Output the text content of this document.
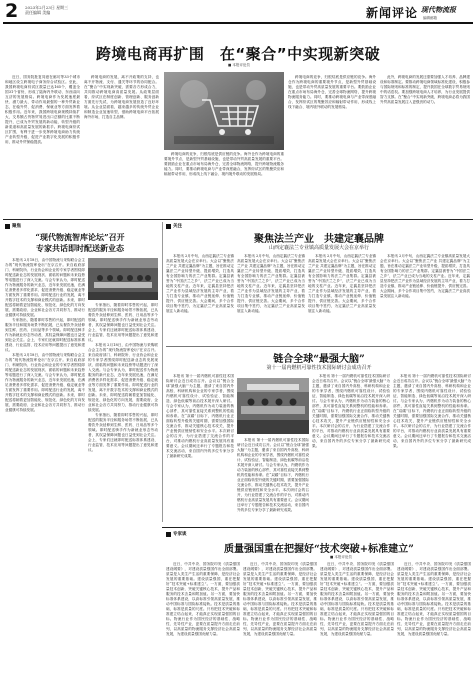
2 2023年2月23日 星期三
责任编辑 美编	新闻评论 现代物流报
编辑邮箱
跨境电商再扩围　在“聚合”中实现新突破
■ 本报评论员

近日，国务院批复同意在廊坊等33个城市和地区设立跨境电子商务综合试验区。至此，我国跨境电商综试区数量已达165个，覆盖全国31个省份，形成了陆海内外联动、东西双向互济的发展格局。跨境电商作为发展速度最快、潜力最大、带动作用最强的一种外贸新业态，在稳外贸、促消费、保就业等方面发挥着积极作用。近年来，我国跨境电商规模持续扩大，交易额占货物贸易进出口总额的比重不断提升，已成为外贸发展的新动能、转型升级的新渠道和高质量发展的新抓手。跨境电商综试区扩围，有利于进一步发挥跨境电商助力传统产业转型升级、促进产业数字化发展的积极作用，推动外贸保稳提质。

跨境电商的发展，离不开政策的支持，也离不开物流、支付、通关等环节的协同配合。在“聚合”中实现新突破，需要各方形成合力，共同推动跨境电商高质量发展。从政策层面看，综试区在制度创新、管理创新、服务创新方面先行先试，为跨境电商发展营造了良好环境。从企业层面看，越来越多的传统外贸企业和制造企业加速转型，借助跨境电商平台拓展海外市场，打造自主品牌。

跨境电商的竞争，归根结底是供应链的竞争。海外仓作为跨境电商的重要境外节点，是新型外贸基础设施，也是带动外贸高质量发展的重要平台。要鼓励企业在重点市场布局海外仓，完善全球物流网络，提升跨境物流服务能力。同时，要推动跨境电商与产业带深度融合，发挥综试区的集聚效应和辐射带动作用，形成线上线下融合、境内境外联动的发展格局。

跨境电商的竞争，归根结底是供应链的竞争。海外仓作为跨境电商的重要境外节点，是新型外贸基础设施，也是带动外贸高质量发展的重要平台。要鼓励企业在重点市场布局海外仓，完善全球物流网络，提升跨境物流服务能力。同时，要推动跨境电商与产业带深度融合，发挥综试区的集聚效应和辐射带动作用，形成线上线下融合、境内境外联动的发展格局。

此外，跨境电商的发展还需要加强人才培养、品牌建设和标准制定。要推动跨境电商领域标准化建设，积极参与国际规则和标准的制定，提升我国在全球数字贸易规则中的话语权。要加强跨境电商人才培养，为行业发展提供智力支撑。在“聚合”中实现新突破，跨境电商必将为我国外贸高质量发展注入更强劲的动力。

聚焦
“现代物流智库论坛”召开
专家共话即时配送新业态

本报讯 2月18日，由中国物流与采购联合会主办的“现代物流智库论坛”在京召开。来自政府部门、科研院所、行业协会和企业的专家学者围绕即时配送新业态的发展现状、面临的问题和未来趋势等话题进行了深入交流。与会专家认为，即时配送作为物流服务的新兴业态，近年来发展迅速，在满足消费者多样化需求、促进消费升级、稳定就业等方面发挥了重要作用。即时配送行业的发展，离不开数字技术的支撑和商业模式的创新。未来，即时配送将朝着更加智能化、规范化、绿色化的方向发展，需要政府、企业和社会各方共同努力，推动行业健康可持续发展。

专家指出，随着即时零售的兴起，即时配送的服务半径和服务场景不断拓展，已从餐饮外卖延伸到生鲜、医药、日用品等多个领域。即时配送骑手作为新就业形态劳动者，其权益保障问题也日益受到社会关注。会上，专家们还就即时配送标准体系建设、行业监管、技术应用等问题提出了意见和建议。

本报讯 2月18日，由中国物流与采购联合会主办的“现代物流智库论坛”在京召开。来自政府部门、科研院所、行业协会和企业的专家学者围绕即时配送新业态的发展现状、面临的问题和未来趋势等话题进行了深入交流。与会专家认为，即时配送作为物流服务的新兴业态，近年来发展迅速，在满足消费者多样化需求、促进消费升级、稳定就业等方面发挥了重要作用。即时配送行业的发展，离不开数字技术的支撑和商业模式的创新。未来，即时配送将朝着更加智能化、规范化、绿色化的方向发展，需要政府、企业和社会各方共同努力，推动行业健康可持续发展。

专家指出，随着即时零售的兴起，即时配送的服务半径和服务场景不断拓展，已从餐饮外卖延伸到生鲜、医药、日用品等多个领域。即时配送骑手作为新就业形态劳动者，其权益保障问题也日益受到社会关注。会上，专家们还就即时配送标准体系建设、行业监管、技术应用等问题提出了意见和建议。

本报讯 2月18日，由中国物流与采购联合会主办的“现代物流智库论坛”在京召开。来自政府部门、科研院所、行业协会和企业的专家学者围绕即时配送新业态的发展现状、面临的问题和未来趋势等话题进行了深入交流。与会专家认为，即时配送作为物流服务的新兴业态，近年来发展迅速，在满足消费者多样化需求、促进消费升级、稳定就业等方面发挥了重要作用。即时配送行业的发展，离不开数字技术的支撑和商业模式的创新。未来，即时配送将朝着更加智能化、规范化、绿色化的方向发展，需要政府、企业和社会各方共同努力，推动行业健康可持续发展。

专家指出，随着即时零售的兴起，即时配送的服务半径和服务场景不断拓展，已从餐饮外卖延伸到生鲜、医药、日用品等多个领域。即时配送骑手作为新就业形态劳动者，其权益保障问题也日益受到社会关注。会上，专家们还就即时配送标准体系建设、行业监管、技术应用等问题提出了意见和建议。

关注
聚焦法兰产业　共建定襄品牌
山西定襄法兰专业镇高质量发展大会在京举行

本报讯 2月中旬，山西定襄法兰专业镇高质量发展大会在京举行。大会以“聚焦法兰产业 共建定襄品牌”为主题，旨在推动定襄法兰产业转型升级、提质增效，打造具有全国影响力的法兰产业集群。定襄县被誉为“中国法兰之乡”，法兰产业已成为当地的支柱产业。近年来，定襄县坚持把法兰产业作为县域经济发展的主导产业，着力打造专业镇，推动产业链延伸、价值链提升、供应链完善。大会期间，多个合作项目集中签约，为定襄法兰产业高质量发展注入新动能。

本报讯 2月中旬，山西定襄法兰专业镇高质量发展大会在京举行。大会以“聚焦法兰产业 共建定襄品牌”为主题，旨在推动定襄法兰产业转型升级、提质增效，打造具有全国影响力的法兰产业集群。定襄县被誉为“中国法兰之乡”，法兰产业已成为当地的支柱产业。近年来，定襄县坚持把法兰产业作为县域经济发展的主导产业，着力打造专业镇，推动产业链延伸、价值链提升、供应链完善。大会期间，多个合作项目集中签约，为定襄法兰产业高质量发展注入新动能。

本报讯 2月中旬，山西定襄法兰专业镇高质量发展大会在京举行。大会以“聚焦法兰产业 共建定襄品牌”为主题，旨在推动定襄法兰产业转型升级、提质增效，打造具有全国影响力的法兰产业集群。定襄县被誉为“中国法兰之乡”，法兰产业已成为当地的支柱产业。近年来，定襄县坚持把法兰产业作为县域经济发展的主导产业，着力打造专业镇，推动产业链延伸、价值链提升、供应链完善。大会期间，多个合作项目集中签约，为定襄法兰产业高质量发展注入新动能。

本报讯 2月中旬，山西定襄法兰专业镇高质量发展大会在京举行。大会以“聚焦法兰产业 共建定襄品牌”为主题，旨在推动定襄法兰产业转型升级、提质增效，打造具有全国影响力的法兰产业集群。定襄县被誉为“中国法兰之乡”，法兰产业已成为当地的支柱产业。近年来，定襄县坚持把法兰产业作为县域经济发展的主导产业，着力打造专业镇，推动产业链延伸、价值链提升、供应链完善。大会期间，多个合作项目集中签约，为定襄法兰产业高质量发展注入新动能。

链合全球“最强大脑”
第十一届内燃机可靠性技术国际研讨会成功召开

本报讯 第十一届内燃机可靠性技术国际研讨会近日成功召开。会议以“链合全球‘最强大脑’”为主题，邀请了来自国内外高校、科研机构和企业的专家学者，围绕内燃机可靠性设计、试验验证、智能制造、绿色低碳等前沿技术展开深入研讨。与会专家认为，内燃机作为动力装备的核心部件，其可靠性直接关系到整机的性能和寿命。在“双碳”目标下，内燃机行业正面临转型升级的关键时期，需要加强国际交流合作，推动关键核心技术攻关，提升产业链供应链韧性和安全水平。本次研讨会的召开，为行业搭建了交流合作的平台，对推动内燃机行业高质量发展具有重要意义。会议期间还举行了专题报告和技术交流活动，来自国内外的多位专家分享了最新研究成果。

本报讯 第十一届内燃机可靠性技术国际研讨会近日成功召开。会议以“链合全球‘最强大脑’”为主题，邀请了来自国内外高校、科研机构和企业的专家学者，围绕内燃机可靠性设计、试验验证、智能制造、绿色低碳等前沿技术展开深入研讨。与会专家认为，内燃机作为动力装备的核心部件，其可靠性直接关系到整机的性能和寿命。在“双碳”目标下，内燃机行业正面临转型升级的关键时期，需要加强国际交流合作，推动关键核心技术攻关，提升产业链供应链韧性和安全水平。本次研讨会的召开，为行业搭建了交流合作的平台，对推动内燃机行业高质量发展具有重要意义。会议期间还举行了专题报告和技术交流活动，来自国内外的多位专家分享了最新研究成果。

本报讯 第十一届内燃机可靠性技术国际研讨会近日成功召开。会议以“链合全球‘最强大脑’”为主题，邀请了来自国内外高校、科研机构和企业的专家学者，围绕内燃机可靠性设计、试验验证、智能制造、绿色低碳等前沿技术展开深入研讨。与会专家认为，内燃机作为动力装备的核心部件，其可靠性直接关系到整机的性能和寿命。在“双碳”目标下，内燃机行业正面临转型升级的关键时期，需要加强国际交流合作，推动关键核心技术攻关，提升产业链供应链韧性和安全水平。本次研讨会的召开，为行业搭建了交流合作的平台，对推动内燃机行业高质量发展具有重要意义。会议期间还举行了专题报告和技术交流活动，来自国内外的多位专家分享了最新研究成果。

本报讯 第十一届内燃机可靠性技术国际研讨会近日成功召开。会议以“链合全球‘最强大脑’”为主题，邀请了来自国内外高校、科研机构和企业的专家学者，围绕内燃机可靠性设计、试验验证、智能制造、绿色低碳等前沿技术展开深入研讨。与会专家认为，内燃机作为动力装备的核心部件，其可靠性直接关系到整机的性能和寿命。在“双碳”目标下，内燃机行业正面临转型升级的关键时期，需要加强国际交流合作，推动关键核心技术攻关，提升产业链供应链韧性和安全水平。本次研讨会的召开，为行业搭建了交流合作的平台，对推动内燃机行业高质量发展具有重要意义。会议期间还举行了专题报告和技术交流活动，来自国内外的多位专家分享了最新研究成果。

专家谈
质量强国重在把握好“技术突破+标准建立”
■ 本报评论员

近日，中共中央、国务院印发《质量强国建设纲要》，对建设质量强国作出全面部署。质量是人类生产生活的重要保障，是经济社会发展的重要基础。建设质量强国，重在把握好“技术突破+标准建立”。一方面，要加强质量技术创新，突破关键核心技术，提升产品和服务的技术含量和附加值。另一方面，要加快标准体系建设，以高标准引领高质量发展，推动中国标准与国际标准接轨。技术是质量的基础，标准是质量的尺度。只有把技术突破和标准建立结合起来，才能真正实现质量强国的目标。物流行业作为国民经济的基础性、战略性、先导性产业，更要在质量提升方面走在前列，以高质量的物流服务支撑经济社会高质量发展，为建设质量强国贡献力量。

近日，中共中央、国务院印发《质量强国建设纲要》，对建设质量强国作出全面部署。质量是人类生产生活的重要保障，是经济社会发展的重要基础。建设质量强国，重在把握好“技术突破+标准建立”。一方面，要加强质量技术创新，突破关键核心技术，提升产品和服务的技术含量和附加值。另一方面，要加快标准体系建设，以高标准引领高质量发展，推动中国标准与国际标准接轨。技术是质量的基础，标准是质量的尺度。只有把技术突破和标准建立结合起来，才能真正实现质量强国的目标。物流行业作为国民经济的基础性、战略性、先导性产业，更要在质量提升方面走在前列，以高质量的物流服务支撑经济社会高质量发展，为建设质量强国贡献力量。

近日，中共中央、国务院印发《质量强国建设纲要》，对建设质量强国作出全面部署。质量是人类生产生活的重要保障，是经济社会发展的重要基础。建设质量强国，重在把握好“技术突破+标准建立”。一方面，要加强质量技术创新，突破关键核心技术，提升产品和服务的技术含量和附加值。另一方面，要加快标准体系建设，以高标准引领高质量发展，推动中国标准与国际标准接轨。技术是质量的基础，标准是质量的尺度。只有把技术突破和标准建立结合起来，才能真正实现质量强国的目标。物流行业作为国民经济的基础性、战略性、先导性产业，更要在质量提升方面走在前列，以高质量的物流服务支撑经济社会高质量发展，为建设质量强国贡献力量。

近日，中共中央、国务院印发《质量强国建设纲要》，对建设质量强国作出全面部署。质量是人类生产生活的重要保障，是经济社会发展的重要基础。建设质量强国，重在把握好“技术突破+标准建立”。一方面，要加强质量技术创新，突破关键核心技术，提升产品和服务的技术含量和附加值。另一方面，要加快标准体系建设，以高标准引领高质量发展，推动中国标准与国际标准接轨。技术是质量的基础，标准是质量的尺度。只有把技术突破和标准建立结合起来，才能真正实现质量强国的目标。物流行业作为国民经济的基础性、战略性、先导性产业，更要在质量提升方面走在前列，以高质量的物流服务支撑经济社会高质量发展，为建设质量强国贡献力量。
